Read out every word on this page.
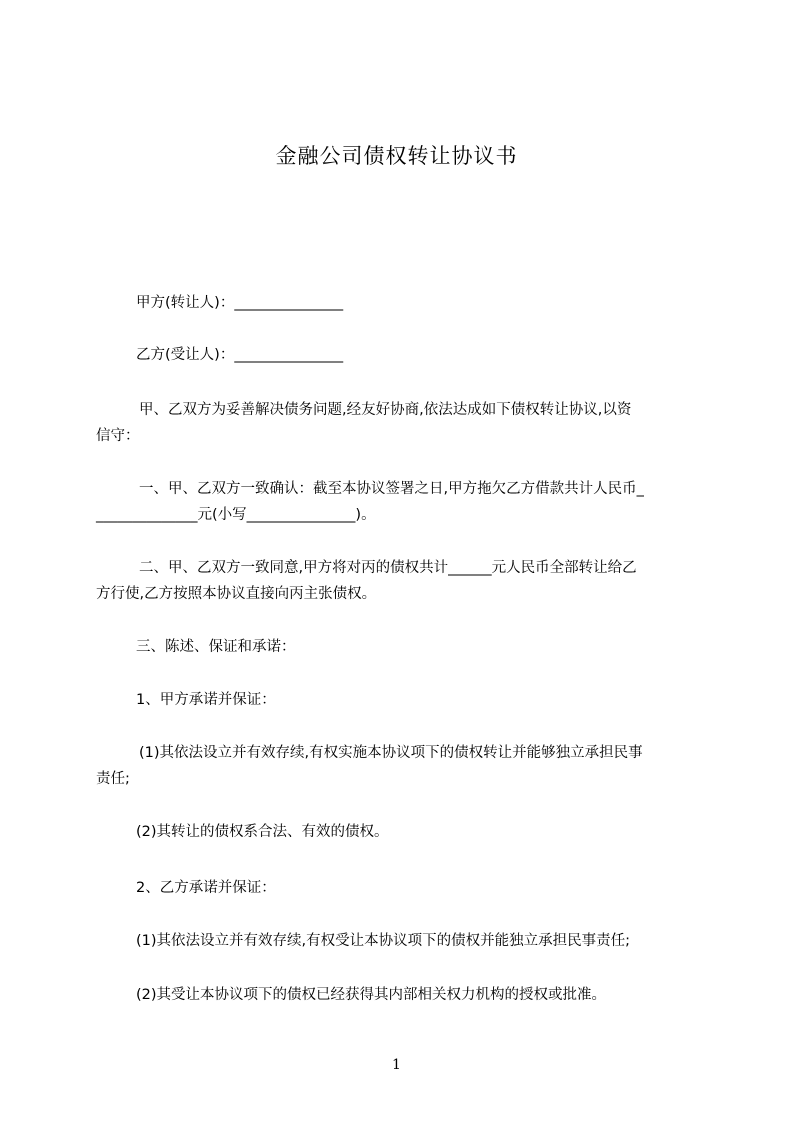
金融公司债权转让协议书
甲方(转让人)：_______________
乙方(受让人)：_______________
甲、乙双方为妥善解决债务问题,经友好协商,依法达成如下债权转让协议,以资
信守：
一、甲、乙双方一致确认：截至本协议签署之日,甲方拖欠乙方借款共计人民币_
______________元(小写_______________)。
二、甲、乙双方一致同意,甲方将对丙的债权共计______元人民币全部转让给乙
方行使,乙方按照本协议直接向丙主张债权。
三、陈述、保证和承诺：
1、甲方承诺并保证：
(1)其依法设立并有效存续,有权实施本协议项下的债权转让并能够独立承担民事
责任;
(2)其转让的债权系合法、有效的债权。
2、乙方承诺并保证：
(1)其依法设立并有效存续,有权受让本协议项下的债权并能独立承担民事责任;
(2)其受让本协议项下的债权已经获得其内部相关权力机构的授权或批准。
1
